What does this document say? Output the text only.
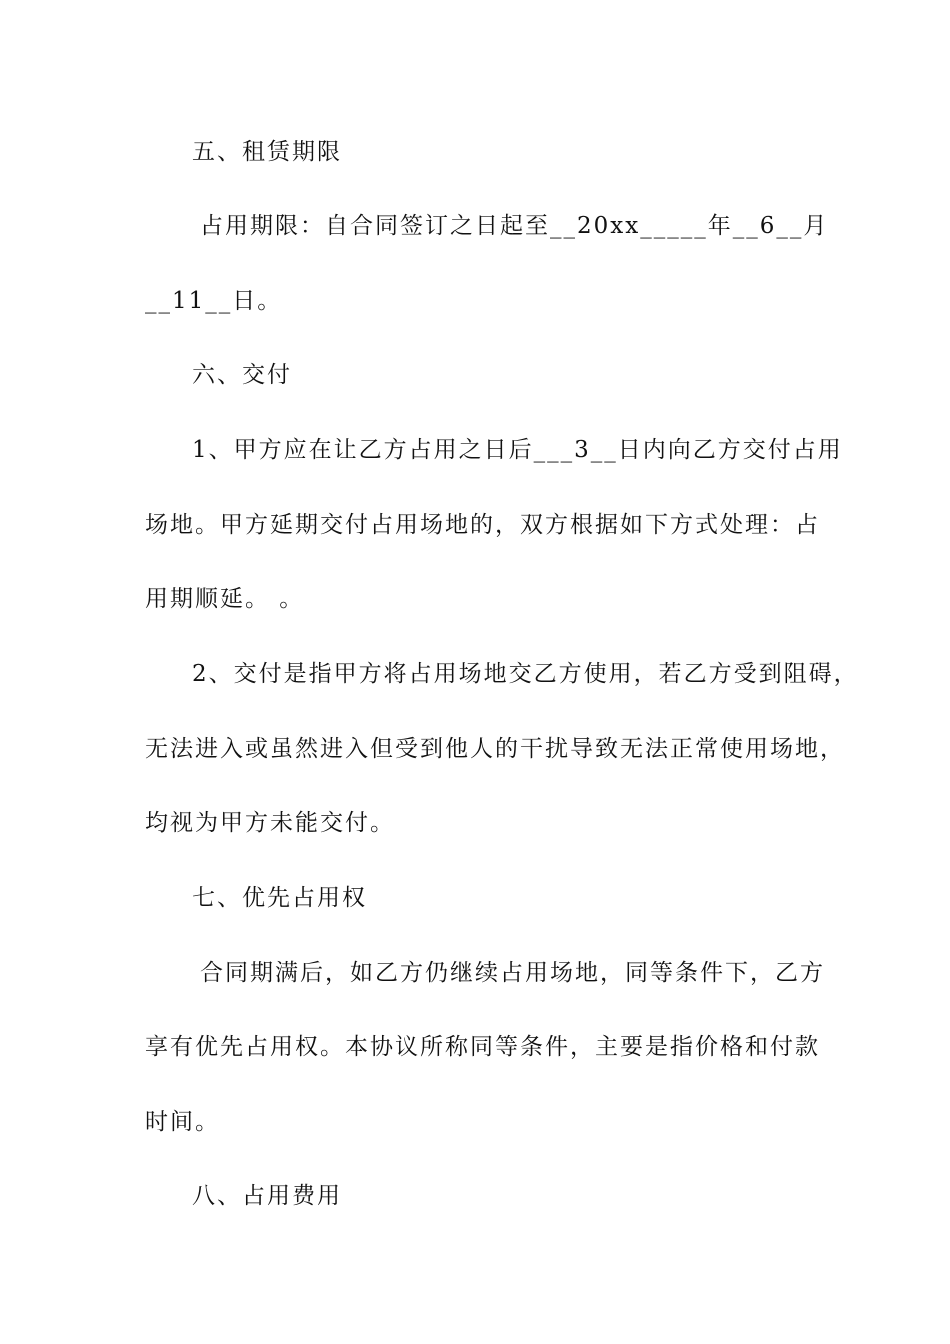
五、租赁期限
占用期限：自合同签订之日起至__20xx_____年__6__月
__11__日。
六、交付
1、甲方应在让乙方占用之日后___3__日内向乙方交付占用
场地。甲方延期交付占用场地的，双方根据如下方式处理：占
用期顺延。 。
2、交付是指甲方将占用场地交乙方使用，若乙方受到阻碍，
无法进入或虽然进入但受到他人的干扰导致无法正常使用场地，
均视为甲方未能交付。
七、优先占用权
合同期满后，如乙方仍继续占用场地，同等条件下，乙方
享有优先占用权。本协议所称同等条件，主要是指价格和付款
时间。
八、占用费用
